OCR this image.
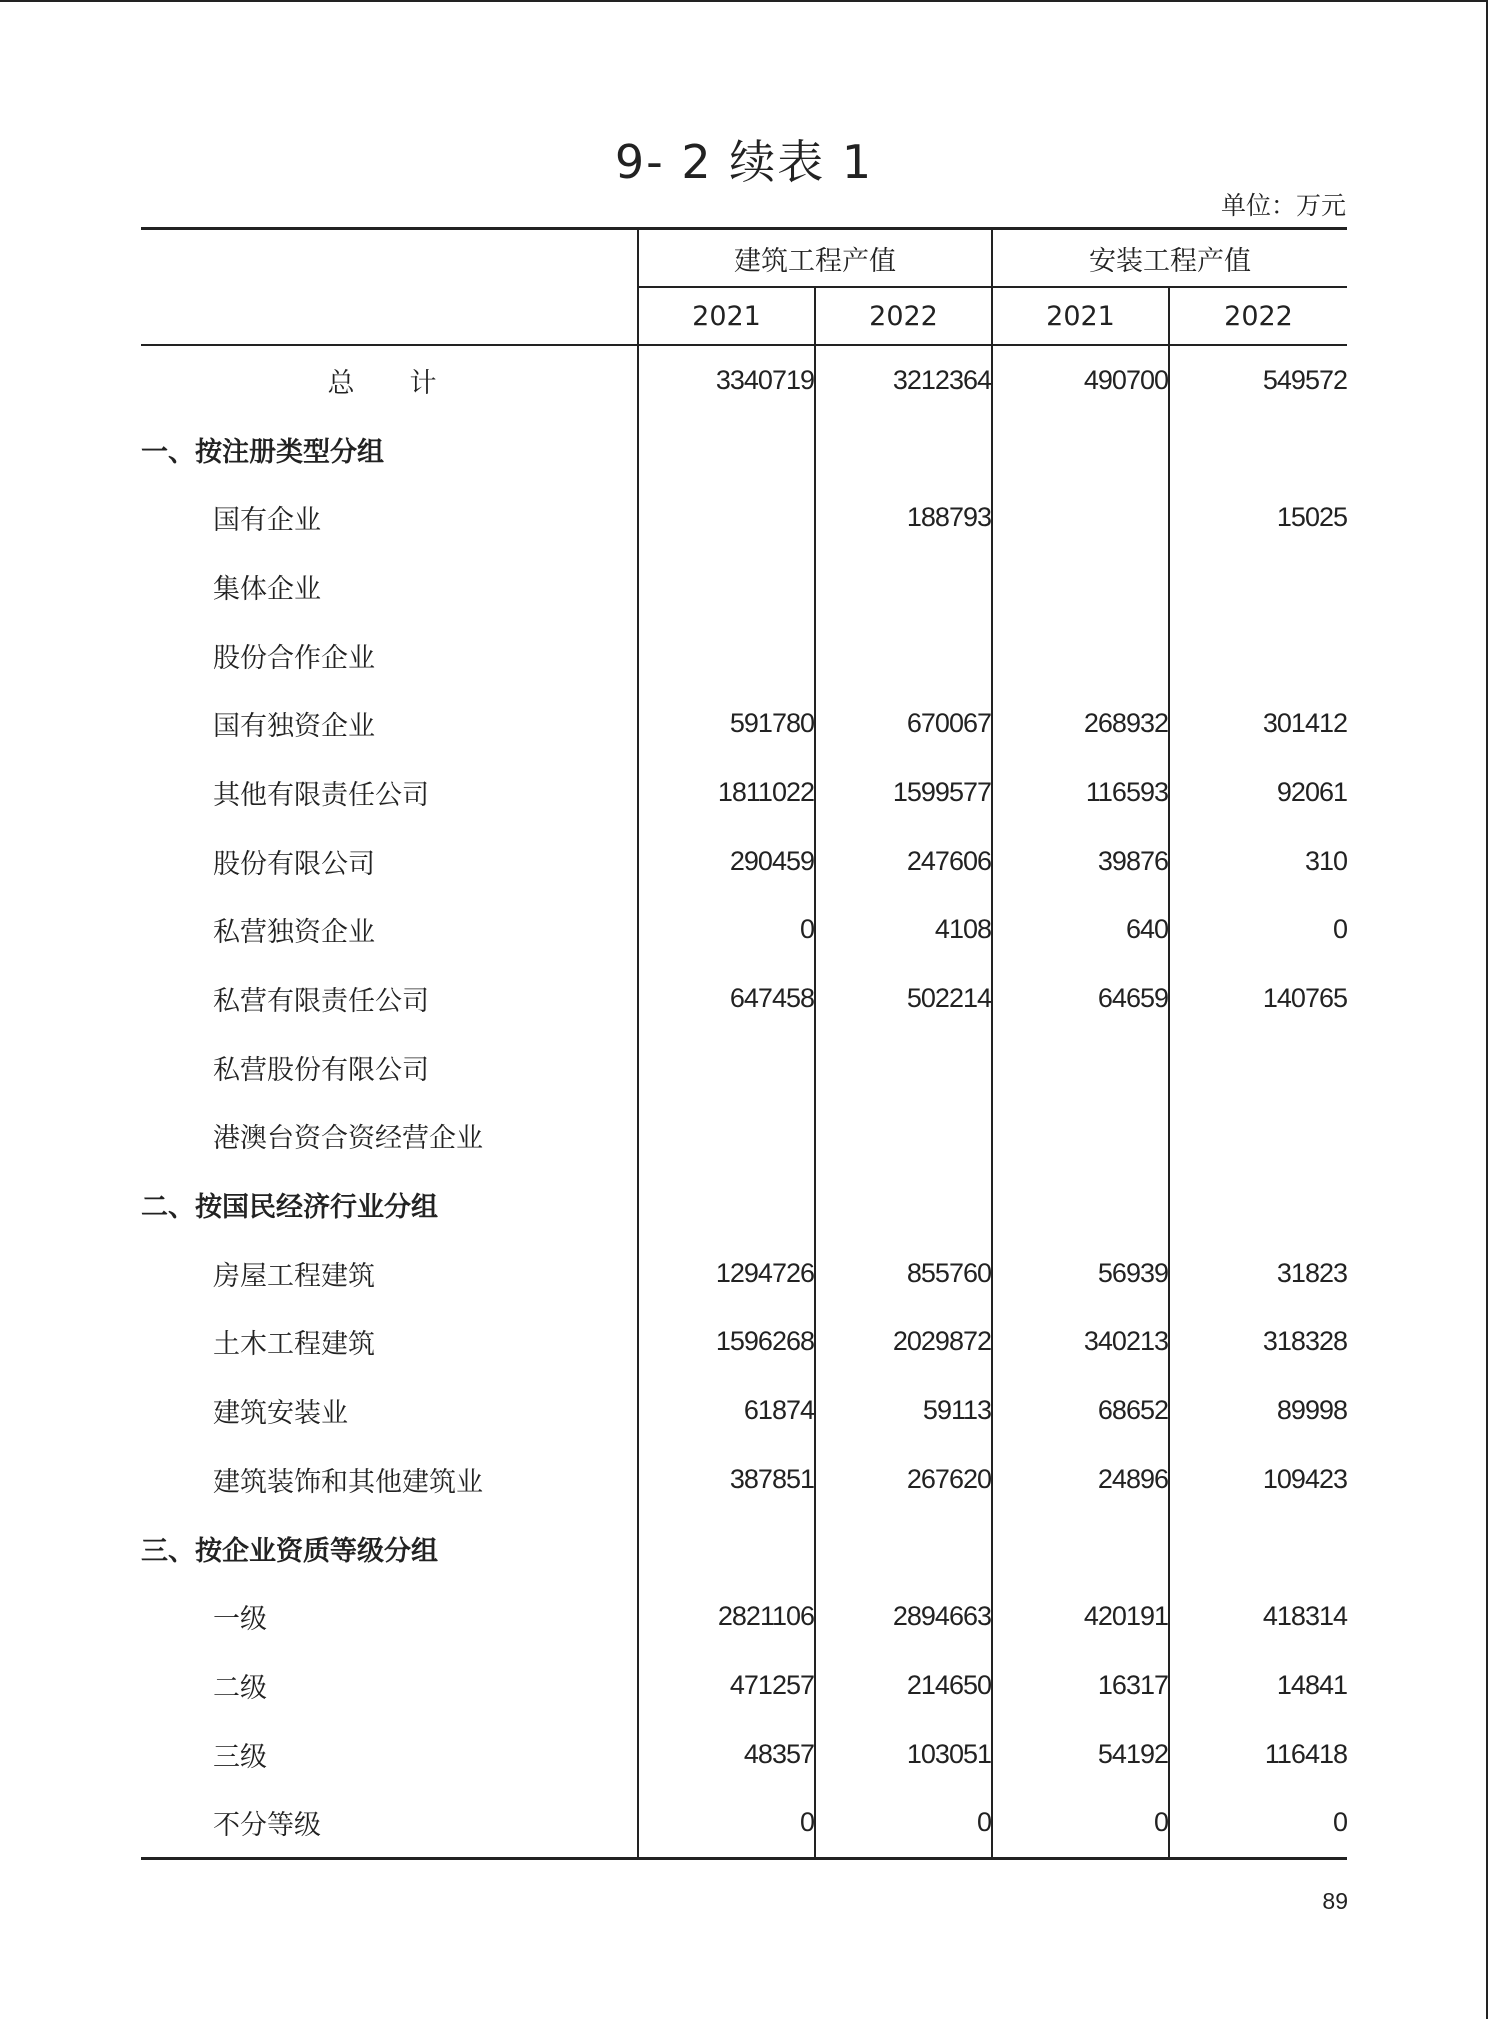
9- 2 续表 1
单位：万元
	建筑工程产值		安装工程产值	
	2021	2022	2021	2022
总　计	3340719	3212364	490700	549572
一、按注册类型分组				
国有企业		188793		15025
集体企业				
股份合作企业				
国有独资企业	591780	670067	268932	301412
其他有限责任公司	1811022	1599577	116593	92061
股份有限公司	290459	247606	39876	310
私营独资企业	0	4108	640	0
私营有限责任公司	647458	502214	64659	140765
私营股份有限公司				
港澳台资合资经营企业				
二、按国民经济行业分组				
房屋工程建筑	1294726	855760	56939	31823
土木工程建筑	1596268	2029872	340213	318328
建筑安装业	61874	59113	68652	89998
建筑装饰和其他建筑业	387851	267620	24896	109423
三、按企业资质等级分组				
一级	2821106	2894663	420191	418314
二级	471257	214650	16317	14841
三级	48357	103051	54192	116418
不分等级	0	0	0	0
89
